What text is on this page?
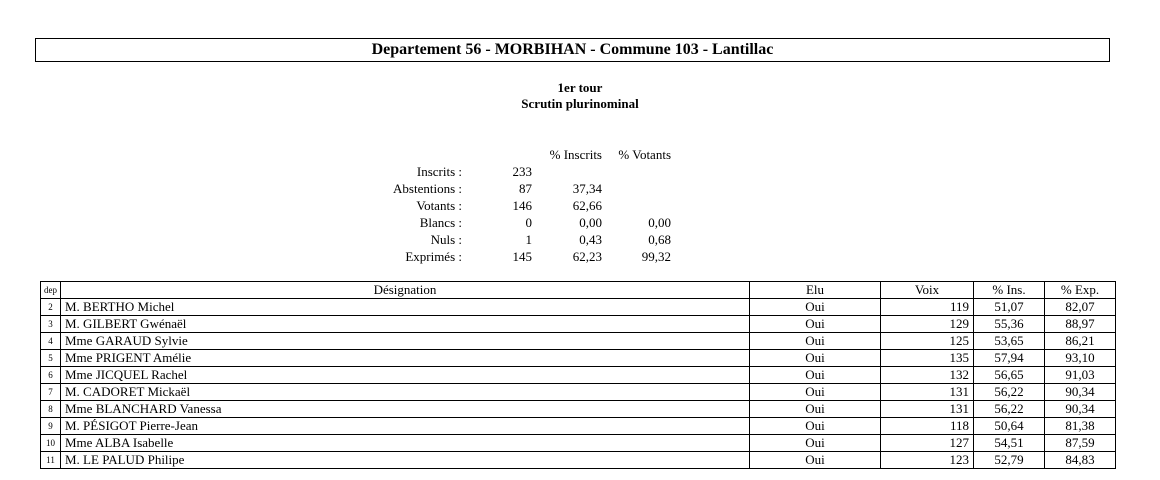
Departement 56 - MORBIHAN - Commune 103 - Lantillac
1er tour
Scrutin plurinominal
		% Inscrits	% Votants
Inscrits :	233		
Abstentions :	87	37,34	
Votants :	146	62,66	
Blancs :	0	0,00	0,00
Nuls :	1	0,43	0,68
Exprimés :	145	62,23	99,32
dep	Désignation	Elu	Voix	% Ins.	% Exp.
2	M. BERTHO Michel	Oui	119	51,07	82,07
3	M. GILBERT Gwénaël	Oui	129	55,36	88,97
4	Mme GARAUD Sylvie	Oui	125	53,65	86,21
5	Mme PRIGENT Amélie	Oui	135	57,94	93,10
6	Mme JICQUEL Rachel	Oui	132	56,65	91,03
7	M. CADORET Mickaël	Oui	131	56,22	90,34
8	Mme BLANCHARD Vanessa	Oui	131	56,22	90,34
9	M. PÉSIGOT Pierre-Jean	Oui	118	50,64	81,38
10	Mme ALBA Isabelle	Oui	127	54,51	87,59
11	M. LE PALUD Philipe	Oui	123	52,79	84,83
